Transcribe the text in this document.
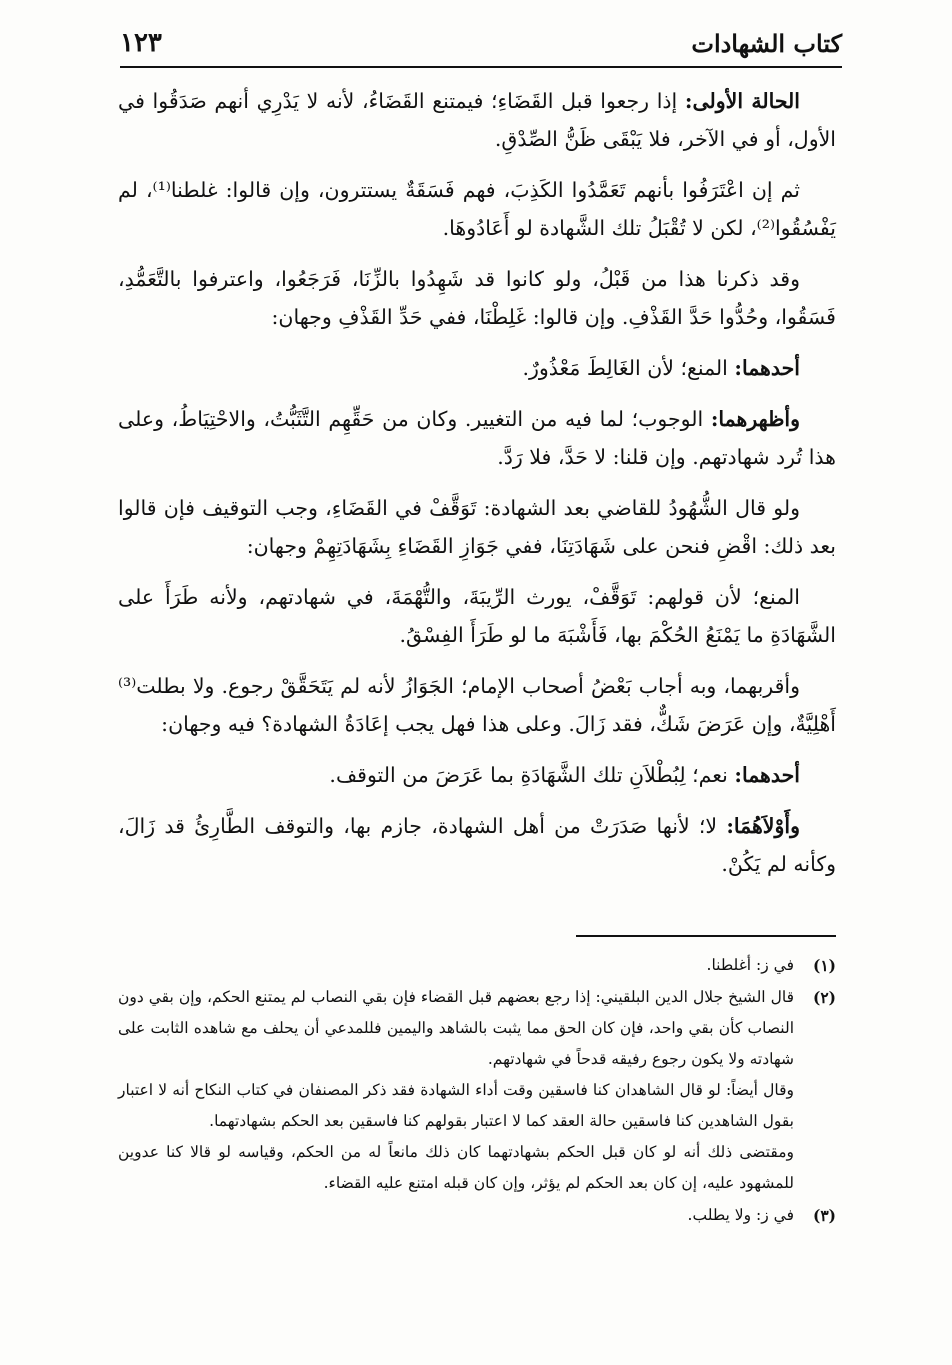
كتاب الشهادات
١٢٣

الحالة الأولى: إذا رجعوا قبل القَضَاءِ؛ فيمتنع القَضَاءُ، لأنه لا يَدْرِي أنهم صَدَقُوا في الأول، أو في الآخر، فلا يَبْقَى ظَنُّ الصِّدْقِ.

ثم إن اعْتَرَفُوا بأنهم تَعَمَّدُوا الكَذِبَ، فهم فَسَقَةٌ يستترون، وإن قالوا: غلطنا⁽¹⁾، لم يَفْسُقُوا⁽²⁾، لكن لا تُقْبَلُ تلك الشَّهادة لو أَعَادُوهَا.

وقد ذكرنا هذا من قَبْلُ، ولو كانوا قد شَهِدُوا بالزِّنَا، فَرَجَعُوا، واعترفوا بالتَّعَمُّدِ، فَسَقُوا، وحُدُّوا حَدَّ القَذْفِ. وإن قالوا: غَلِطْنَا، ففي حَدِّ القَذْفِ وجهان:

أحدهما: المنع؛ لأن الغَالِطَ مَعْذُورٌ.

وأظهرهما: الوجوب؛ لما فيه من التغيير. وكان من حَقِّهِم التَّثَبُّتُ، والاحْتِيَاطُ، وعلى هذا تُرد شهادتهم. وإن قلنا: لا حَدَّ، فلا رَدَّ.

ولو قال الشُّهُودُ للقاضي بعد الشهادة: تَوَقَّفْ في القَضَاءِ، وجب التوقيف فإن قالوا بعد ذلك: اقْضِ فنحن على شَهَادَتِنَا، ففي جَوَازِ القَضَاءِ بِشَهَادَتِهِمْ وجهان:

المنع؛ لأن قولهم: تَوَقَّفْ، يورث الرِّيبَةَ، والتُّهْمَةَ، في شهادتهم، ولأنه طَرَأَ على الشَّهَادَةِ ما يَمْنَعُ الحُكْمَ بها، فَأَشْبَهَ ما لو طَرَأَ الفِسْقُ.

وأقربهما، وبه أجاب بَعْضُ أصحاب الإمام؛ الجَوَازُ لأنه لم يَتَحَقَّقْ رجوع. ولا بطلت⁽³⁾ أَهْلِيَّةٌ، وإن عَرَضَ شَكٌّ، فقد زَالَ. وعلى هذا فهل يجب إعَادَةُ الشهادة؟ فيه وجهان:

أحدهما: نعم؛ لِبُطْلاَنِ تلك الشَّهَادَةِ بما عَرَضَ من التوقف.

وأَوْلاَهُمَا: لا؛ لأنها صَدَرَتْ من أهل الشهادة، جازم بها، والتوقف الطَّارِئُ قد زَالَ، وكأنه لم يَكُنْ.

(١)

في ز: أغلطنا.

(٢)

قال الشيخ جلال الدين البلقيني: إذا رجع بعضهم قبل القضاء فإن بقي النصاب لم يمتنع الحكم، وإن بقي دون النصاب كأن بقي واحد، فإن كان الحق مما يثبت بالشاهد واليمين فللمدعي أن يحلف مع شاهده الثابت على شهادته ولا يكون رجوع رفيقه قدحاً في شهادتهم.

وقال أيضاً: لو قال الشاهدان كنا فاسقين وقت أداء الشهادة فقد ذكر المصنفان في كتاب النكاح أنه لا اعتبار بقول الشاهدين كنا فاسقين حالة العقد كما لا اعتبار بقولهم كنا فاسقين بعد الحكم بشهادتهما.

ومقتضى ذلك أنه لو كان قبل الحكم بشهادتهما كان ذلك مانعاً له من الحكم، وقياسه لو قالا كنا عدوين للمشهود عليه، إن كان بعد الحكم لم يؤثر، وإن كان قبله امتنع عليه القضاء.

(٣)

في ز: ولا يطلب.
